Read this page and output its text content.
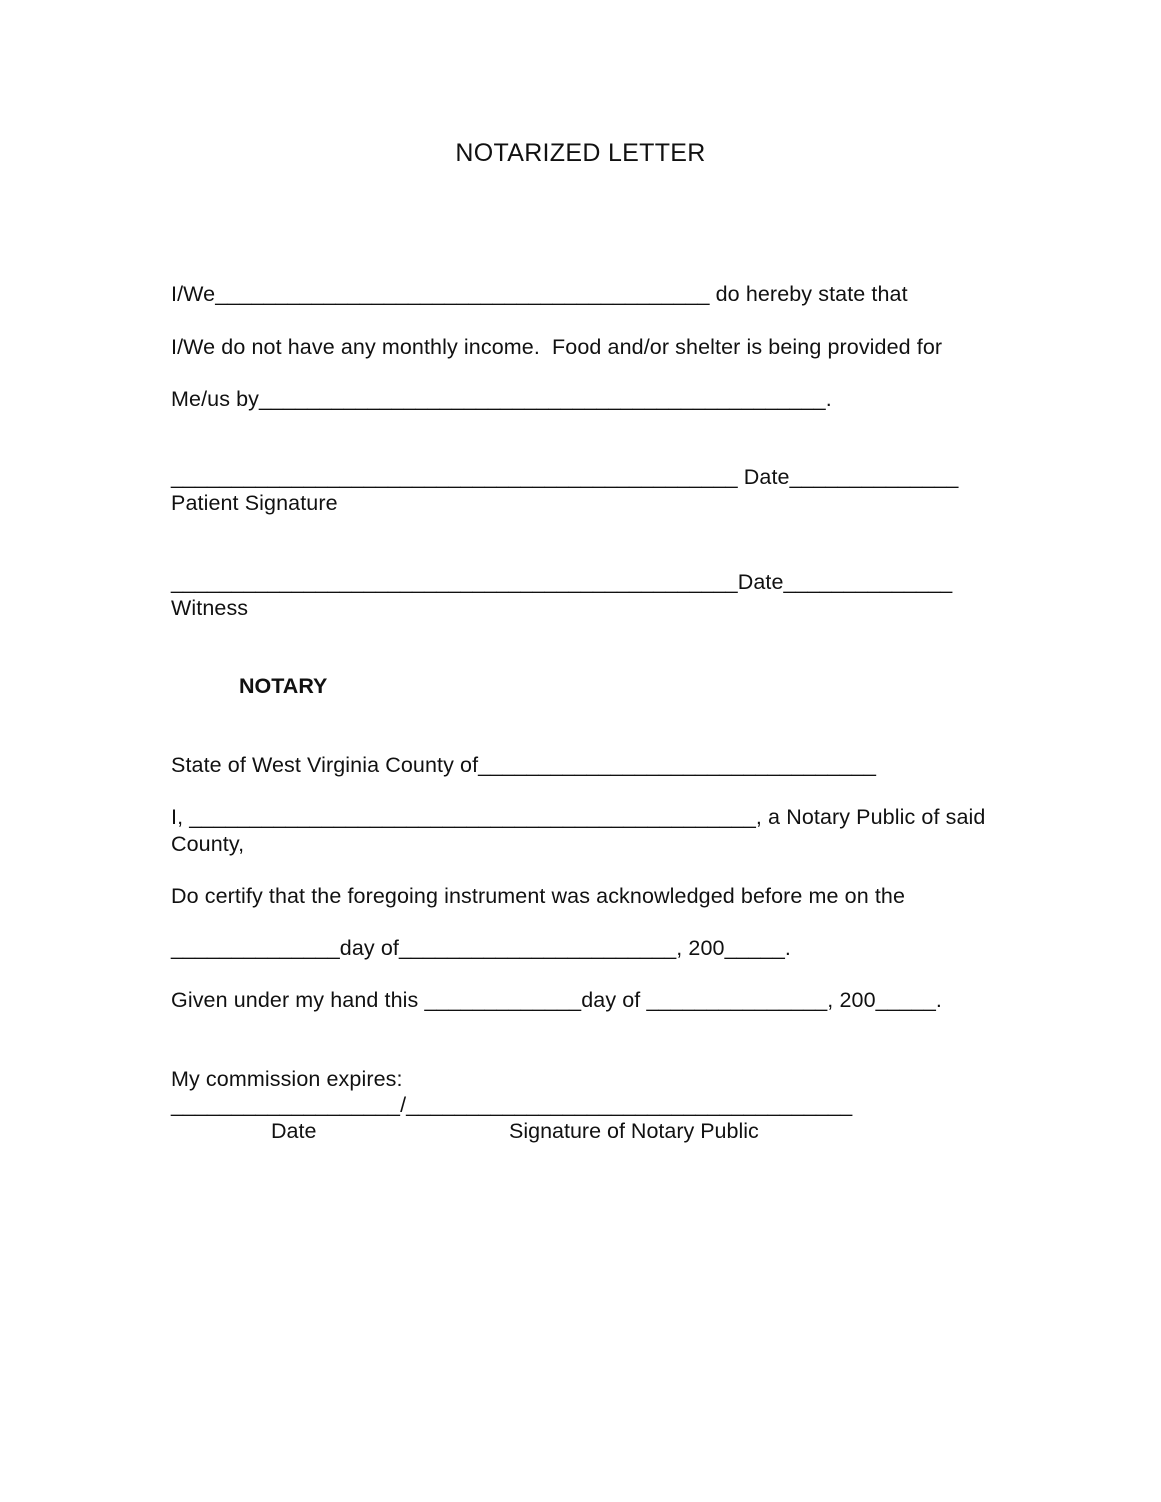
NOTARIZED LETTER
I/We_________________________________________ do hereby state that
I/We do not have any monthly income.  Food and/or shelter is being provided for
Me/us by_______________________________________________.
_______________________________________________ Date______________
Patient Signature
_______________________________________________Date______________
Witness
NOTARY
State of West Virginia County of_________________________________
I, _______________________________________________, a Notary Public of said
County,
Do certify that the foregoing instrument was acknowledged before me on the
______________day of_______________________, 200_____.
Given under my hand this _____________day of _______________, 200_____.
My commission expires:
___________________/_____________________________________
Date	Signature of Notary Public
